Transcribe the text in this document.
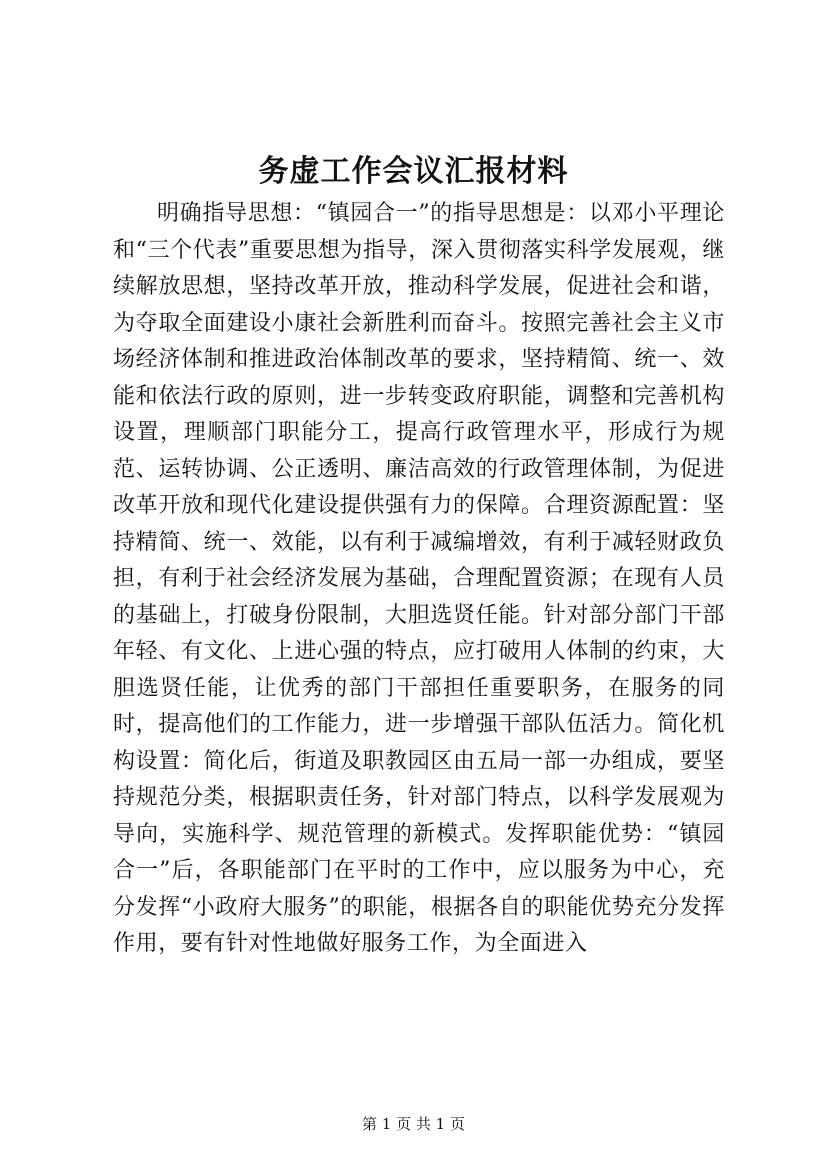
务虚工作会议汇报材料

明确指导思想：“镇园合一”的指导思想是：以邓小平理论和“三个代表”重要思想为指导，深入贯彻落实科学发展观，继续解放思想，坚持改革开放，推动科学发展，促进社会和谐，为夺取全面建设小康社会新胜利而奋斗。按照完善社会主义市场经济体制和推进政治体制改革的要求，坚持精简、统一、效能和依法行政的原则，进一步转变政府职能，调整和完善机构设置，理顺部门职能分工，提高行政管理水平，形成行为规范、运转协调、公正透明、廉洁高效的行政管理体制，为促进改革开放和现代化建设提供强有力的保障。合理资源配置：坚持精简、统一、效能，以有利于减编增效，有利于减轻财政负担，有利于社会经济发展为基础，合理配置资源；在现有人员的基础上，打破身份限制，大胆选贤任能。针对部分部门干部年轻、有文化、上进心强的特点，应打破用人体制的约束，大胆选贤任能，让优秀的部门干部担任重要职务，在服务的同时，提高他们的工作能力，进一步增强干部队伍活力。简化机构设置：简化后，街道及职教园区由五局一部一办组成，要坚持规范分类，根据职责任务，针对部门特点，以科学发展观为导向，实施科学、规范管理的新模式。发挥职能优势：“镇园合一”后，各职能部门在平时的工作中，应以服务为中心，充分发挥“小政府大服务”的职能，根据各自的职能优势充分发挥作用，要有针对性地做好服务工作，为全面进入

第 1 页 共 1 页
